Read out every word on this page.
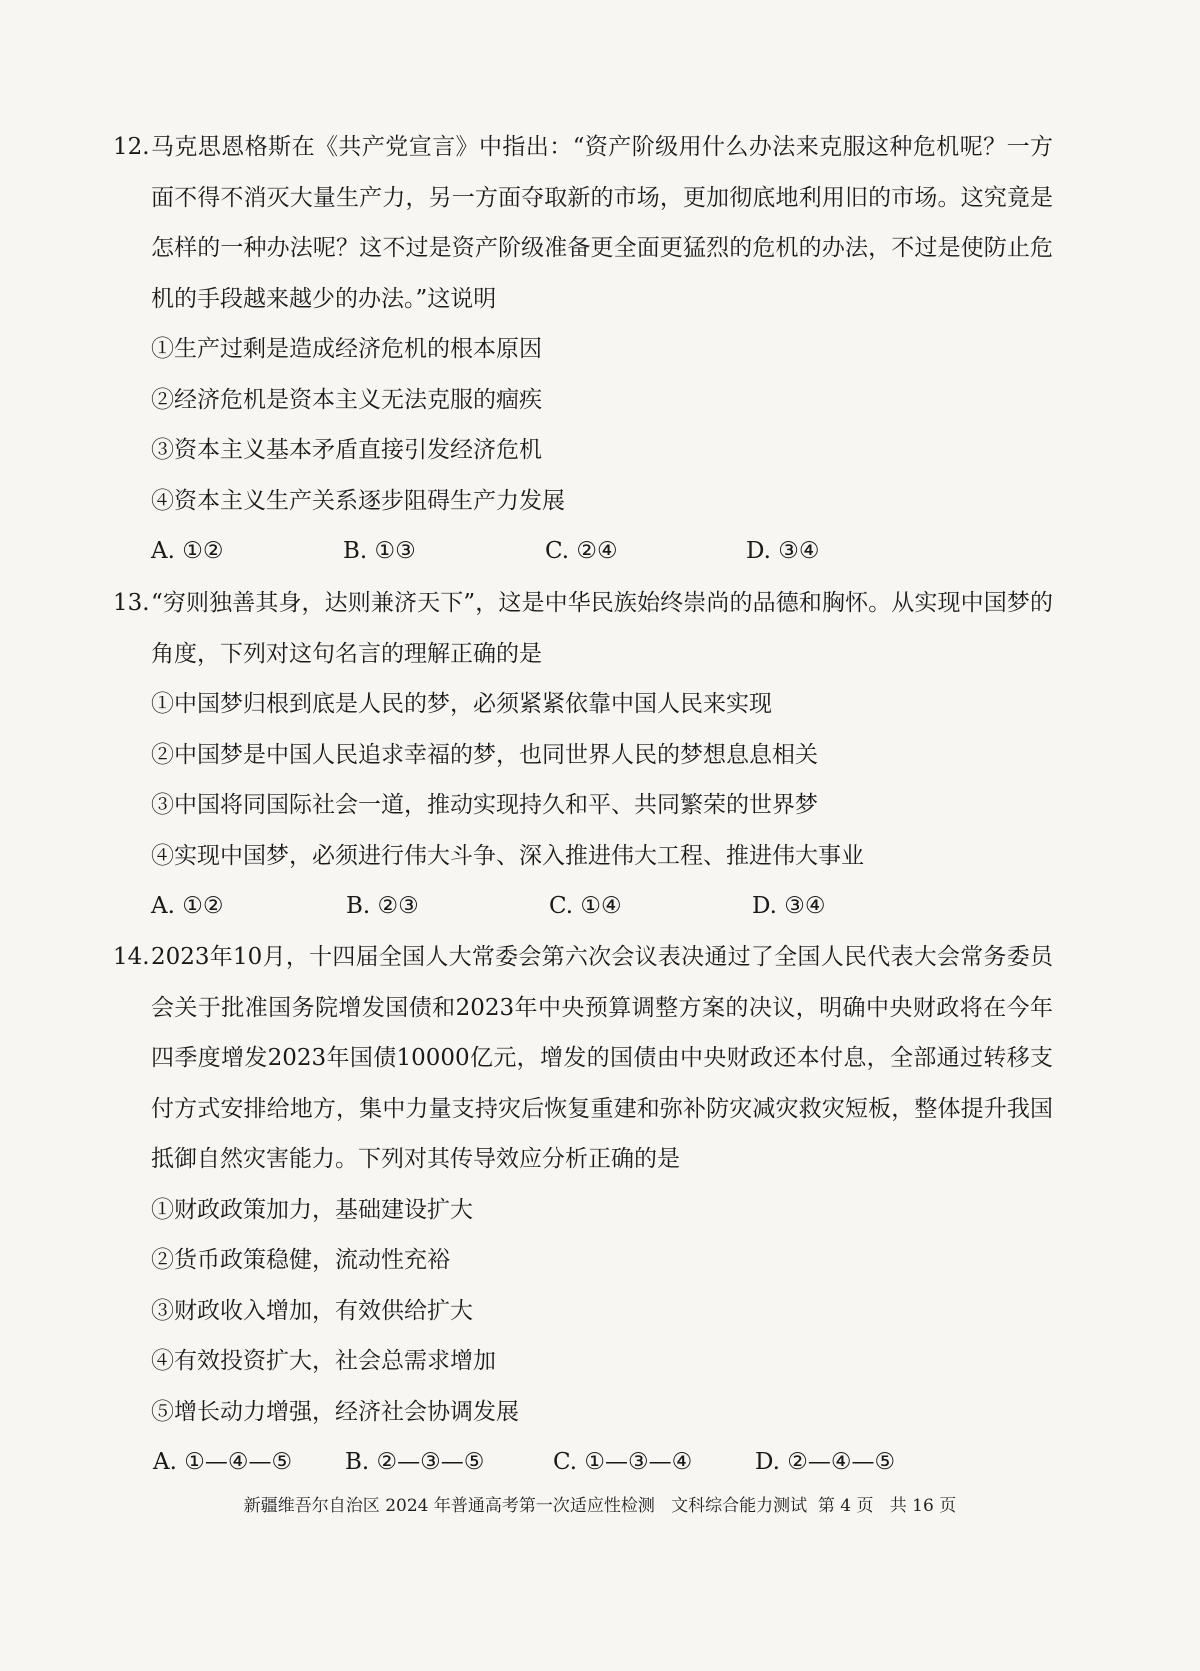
12. 马克思恩格斯在《共产党宣言》中指出：“资产阶级用什么办法来克服这种危机呢？一方面不得不消灭大量生产力，另一方面夺取新的市场，更加彻底地利用旧的市场。这究竟是怎样的一种办法呢？这不过是资产阶级准备更全面更猛烈的危机的办法，不过是使防止危机的手段越来越少的办法。”这说明
①生产过剩是造成经济危机的根本原因
②经济危机是资本主义无法克服的痼疾
③资本主义基本矛盾直接引发经济危机
④资本主义生产关系逐步阻碍生产力发展
A. ①②	B. ①③	C. ②④	D. ③④
13. “穷则独善其身，达则兼济天下”，这是中华民族始终崇尚的品德和胸怀。从实现中国梦的角度，下列对这句名言的理解正确的是
①中国梦归根到底是人民的梦，必须紧紧依靠中国人民来实现
②中国梦是中国人民追求幸福的梦，也同世界人民的梦想息息相关
③中国将同国际社会一道，推动实现持久和平、共同繁荣的世界梦
④实现中国梦，必须进行伟大斗争、深入推进伟大工程、推进伟大事业
A. ①②	B. ②③	C. ①④	D. ③④
14. 2023年10月，十四届全国人大常委会第六次会议表决通过了全国人民代表大会常务委员会关于批准国务院增发国债和2023年中央预算调整方案的决议，明确中央财政将在今年四季度增发2023年国债10000亿元，增发的国债由中央财政还本付息，全部通过转移支付方式安排给地方，集中力量支持灾后恢复重建和弥补防灾减灾救灾短板，整体提升我国抵御自然灾害能力。下列对其传导效应分析正确的是
①财政政策加力，基础建设扩大
②货币政策稳健，流动性充裕
③财政收入增加，有效供给扩大
④有效投资扩大，社会总需求增加
⑤增长动力增强，经济社会协调发展
A. ①—④—⑤ B. ②—③—⑤	C. ①—③—④	D. ②—④—⑤
新疆维吾尔自治区 2024 年普通高考第一次适应性检测 文科综合能力测试 第 4 页 共 16 页
